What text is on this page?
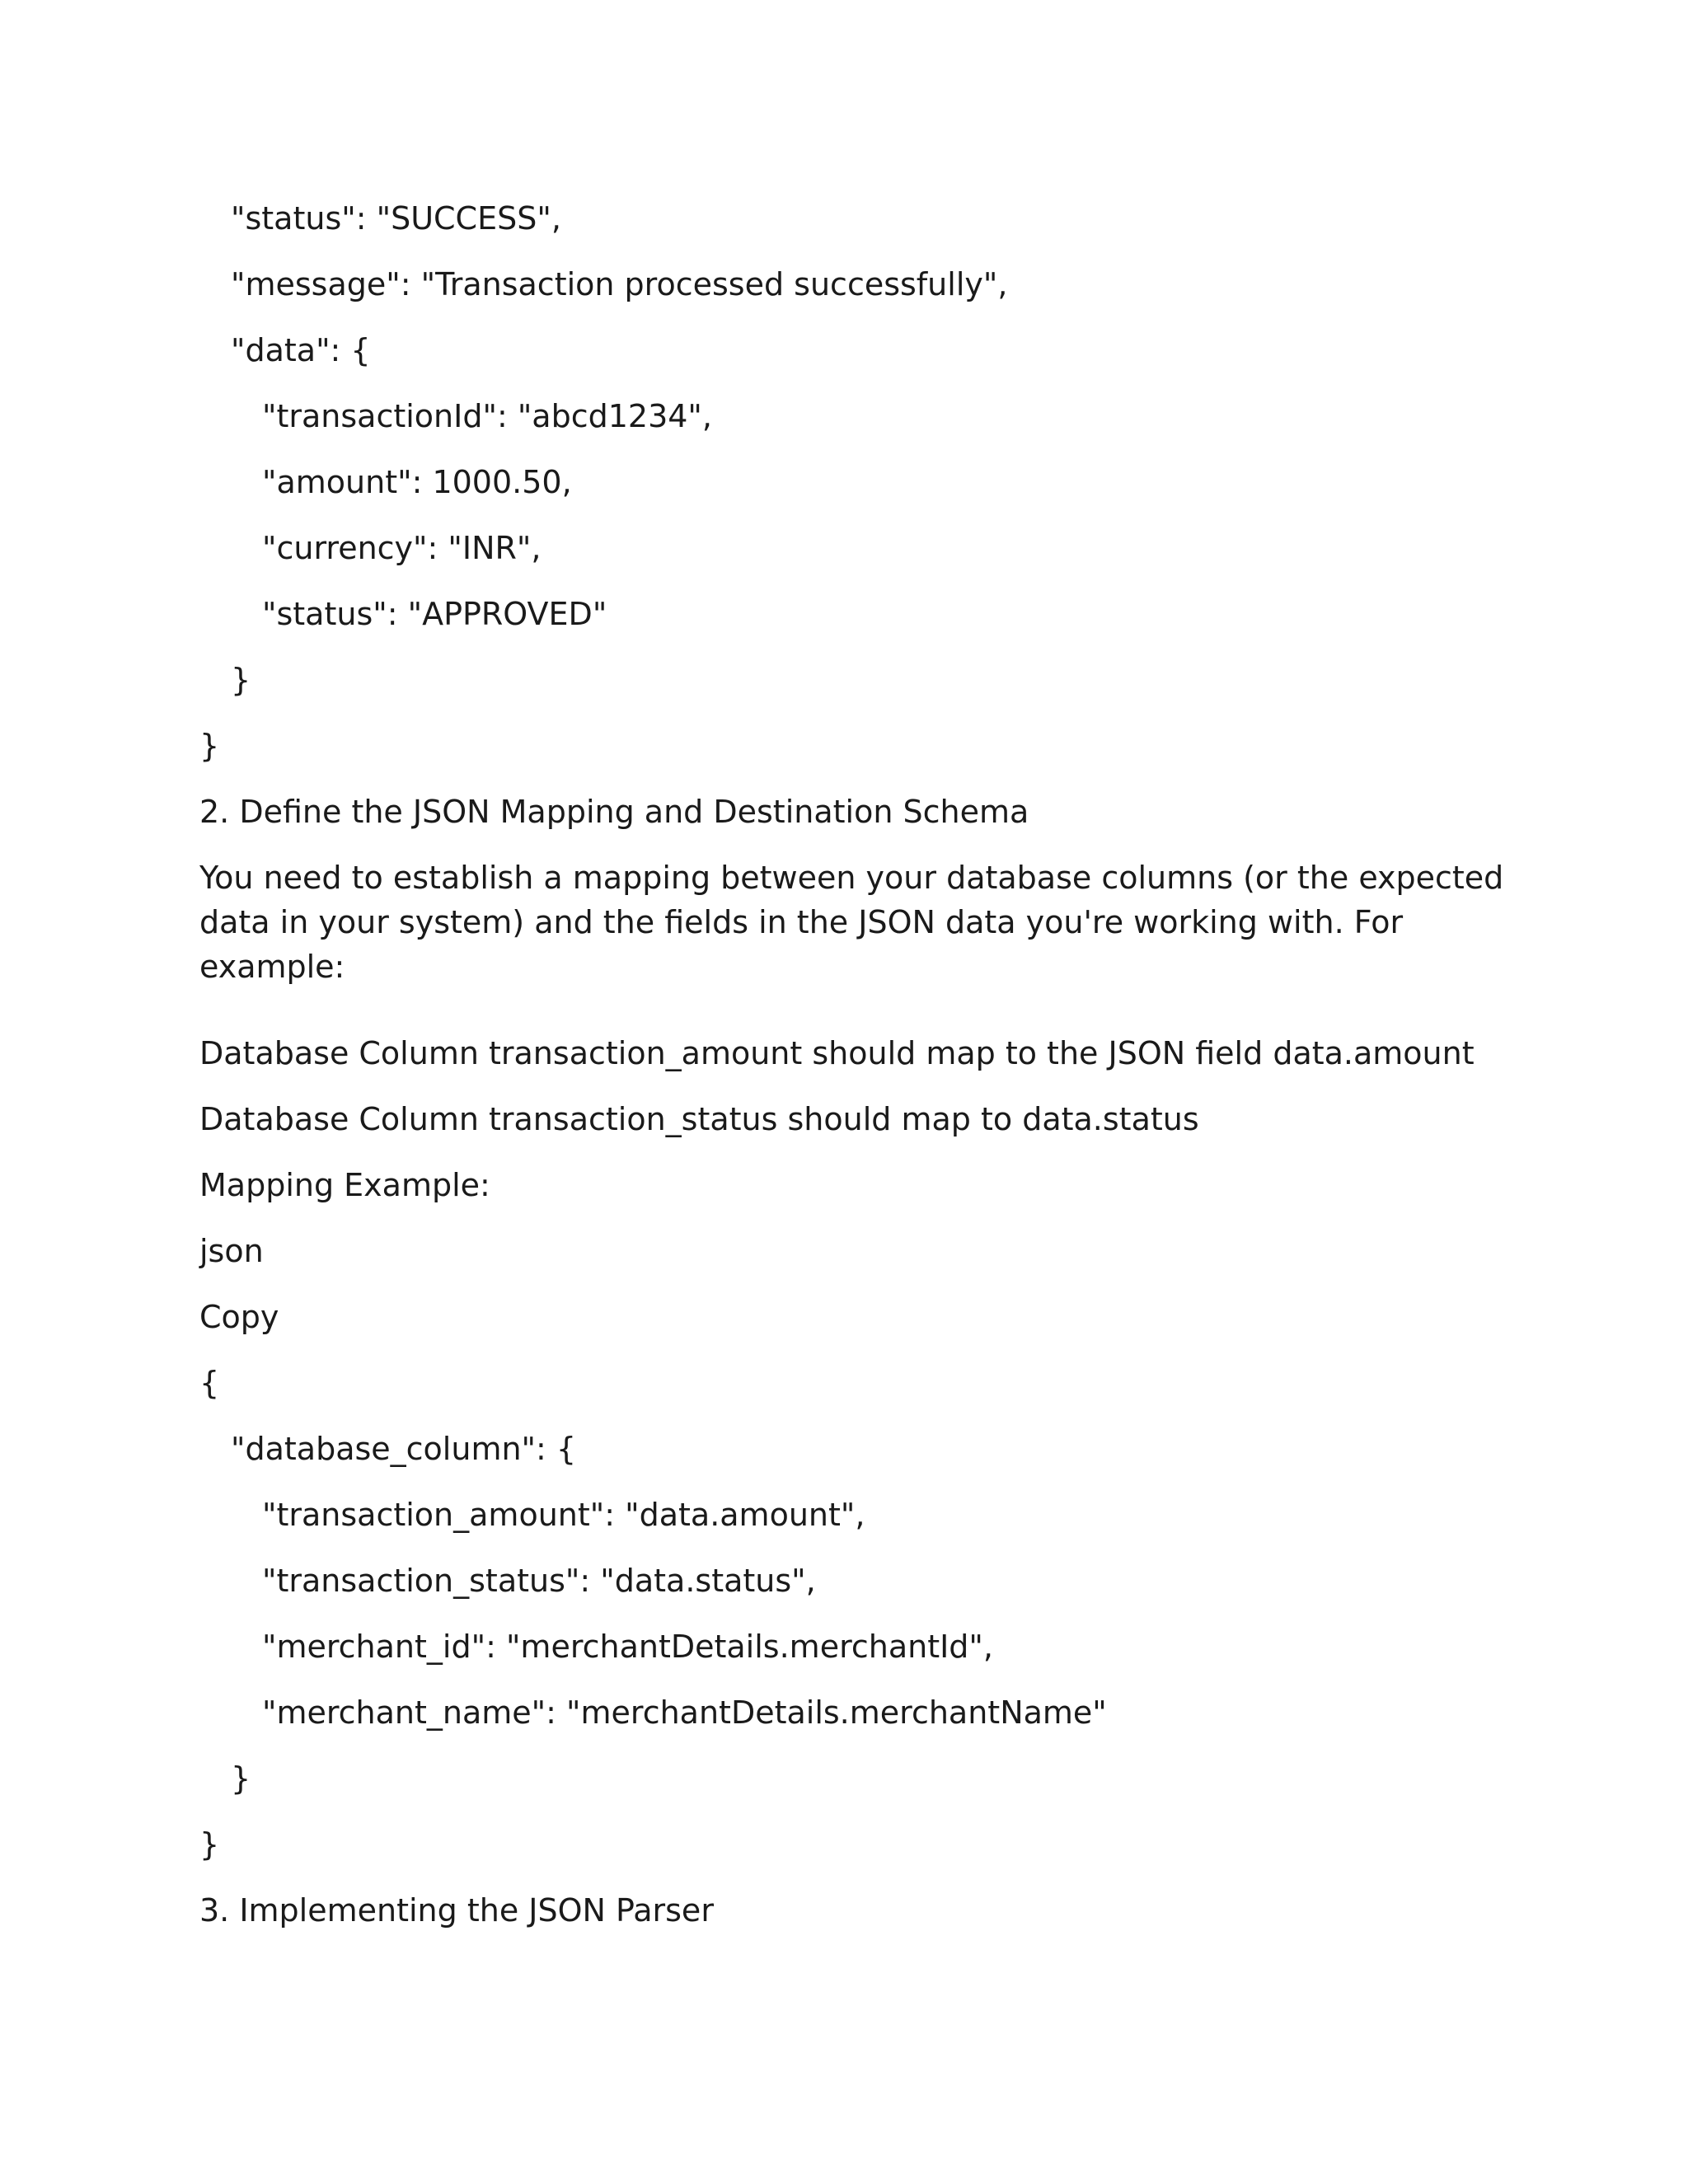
"status": "SUCCESS",
"message": "Transaction processed successfully",
"data": {
"transactionId": "abcd1234",
"amount": 1000.50,
"currency": "INR",
"status": "APPROVED"
}
}
2. Define the JSON Mapping and Destination Schema
You need to establish a mapping between your database columns (or the expected data in your system) and the fields in the JSON data you're working with. For example:
Database Column transaction_amount should map to the JSON field data.amount
Database Column transaction_status should map to data.status
Mapping Example:
json
Copy
{
"database_column": {
"transaction_amount": "data.amount",
"transaction_status": "data.status",
"merchant_id": "merchantDetails.merchantId",
"merchant_name": "merchantDetails.merchantName"
}
}
3. Implementing the JSON Parser
